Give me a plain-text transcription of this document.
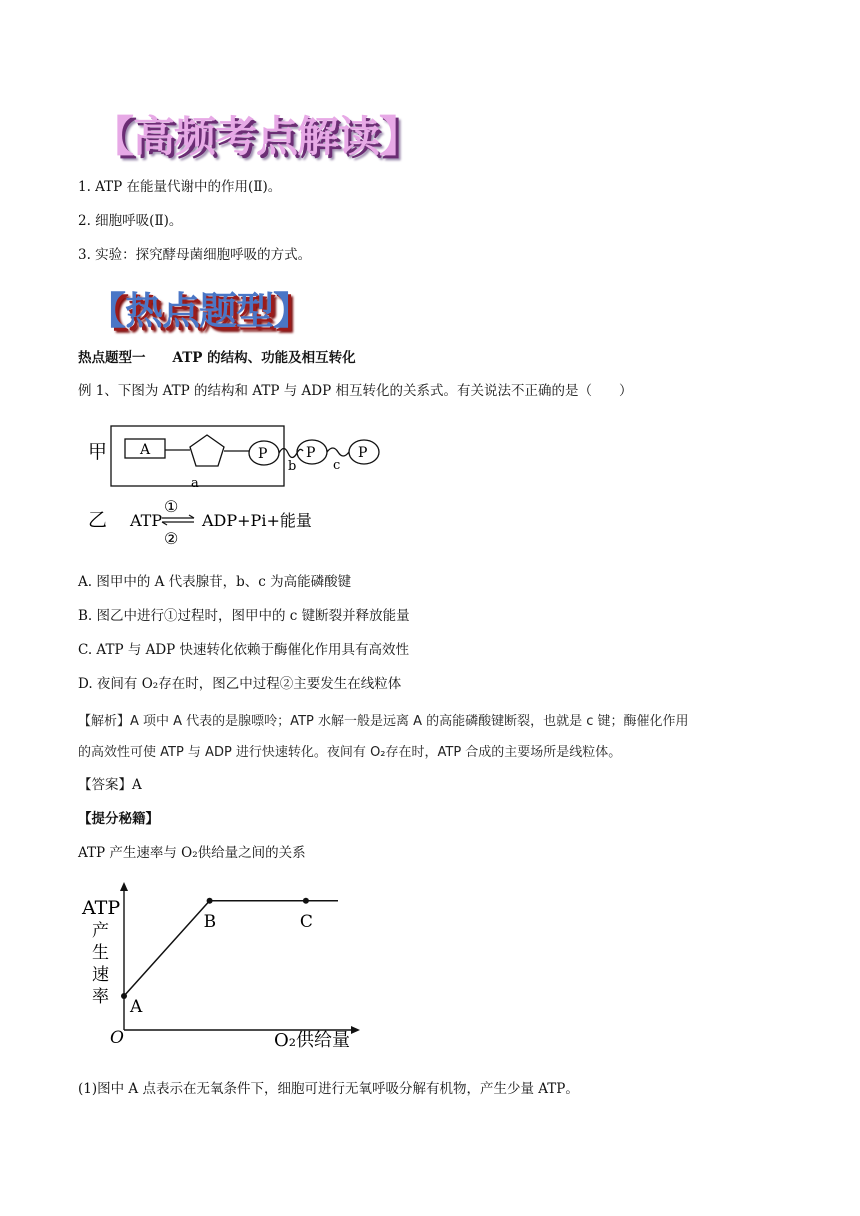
【高频考点解读】
1. ATP 在能量代谢中的作用(Ⅱ)。
2. 细胞呼吸(Ⅱ)。
3. 实验：探究酵母菌细胞呼吸的方式。
【热点题型】
热点题型一　　ATP 的结构、功能及相互转化
例 1、下图为 ATP 的结构和 ATP 与 ADP 相互转化的关系式。有关说法不正确的是（　　）
甲 A	P
b
P
c
P
a
乙 ATP
①
②
ADP+Pi+能量
A. 图甲中的 A 代表腺苷，b、c 为高能磷酸键
B. 图乙中进行①过程时，图甲中的 c 键断裂并释放能量
C. ATP 与 ADP 快速转化依赖于酶催化作用具有高效性
D. 夜间有 O₂存在时，图乙中过程②主要发生在线粒体
【解析】A 项中 A 代表的是腺嘌呤；ATP 水解一般是远离 A 的高能磷酸键断裂，也就是 c 键；酶催化作用
的高效性可使 ATP 与 ADP 进行快速转化。夜间有 O₂存在时，ATP 合成的主要场所是线粒体。
【答案】A
【提分秘籍】
ATP 产生速率与 O₂供给量之间的关系
ATP
产
生
速
率
O	O₂供给量
A
B	C
(1)图中 A 点表示在无氧条件下，细胞可进行无氧呼吸分解有机物，产生少量 ATP。
